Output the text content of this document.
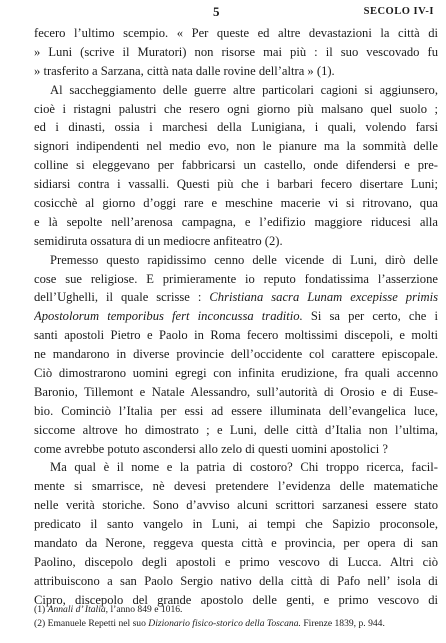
5	SECOLO IV-I
fecero l’ultimo scempio. « Per queste ed altre devastazioni la città di
» Luni (scrive il Muratori) non risorse mai più : il suo vescovado fu
» trasferito a Sarzana, città nata dalle rovine dell’altra » (1).
Al saccheggiamento delle guerre altre particolari cagioni si aggiunsero,
cioè i ristagni palustri che resero ogni giorno più malsano quel suolo ;
ed i dinasti, ossia i marchesi della Lunigiana, i quali, volendo farsi
signori indipendenti nel medio evo, non le pianure ma la sommità delle
colline si eleggevano per fabbricarsi un castello, onde difendersi e pre-
sidiarsi contra i vassalli. Questi più che i barbari fecero disertare Luni;
cosicchè al giorno d’oggi rare e meschine macerie vi si ritrovano, qua
e là sepolte nell’arenosa campagna, e l’edifizio maggiore riducesi alla
semidiruta ossatura di un mediocre anfiteatro (2).
Premesso questo rapidissimo cenno delle vicende di Luni, dirò delle
cose sue religiose. E primieramente io reputo fondatissima l’asserzione
dell’Ughelli, il quale scrisse : Christiana sacra Lunam excepisse primis
Apostolorum temporibus fert inconcussa traditio. Si sa per certo, che i
santi apostoli Pietro e Paolo in Roma fecero moltissimi discepoli, e molti
ne mandarono in diverse provincie dell’occidente col carattere episcopale.
Ciò dimostrarono uomini egregi con infinita erudizione, fra quali accenno
Baronio, Tillemont e Natale Alessandro, sull’autorità di Orosio e di Euse-
bio. Cominciò l’Italia per essi ad essere illuminata dell’evangelica luce,
siccome altrove ho dimostrato ; e Luni, delle città d’Italia non l’ultima,
come avrebbe potuto ascondersi allo zelo di questi uomini apostolici ?
Ma qual è il nome e la patria di costoro? Chi troppo ricerca, facil-
mente si smarrisce, nè devesi pretendere l’evidenza delle matematiche
nelle verità storiche. Sono d’avviso alcuni scrittori sarzanesi essere stato
predicato il santo vangelo in Luni, ai tempi che Sapizio proconsole,
mandato da Nerone, reggeva questa città e provincia, per opera di san
Paolino, discepolo degli apostoli e primo vescovo di Lucca. Altri ciò
attribuiscono a san Paolo Sergio nativo della città di Pafo nell’ isola di
Cipro, discepolo del grande apostolo delle genti, e primo vescovo di
(1) Annali d’ Italia, l’anno 849 e 1016.
(2) Emanuele Repetti nel suo Dizionario fisico-storico della Toscana. Firenze 1839, p. 944.
